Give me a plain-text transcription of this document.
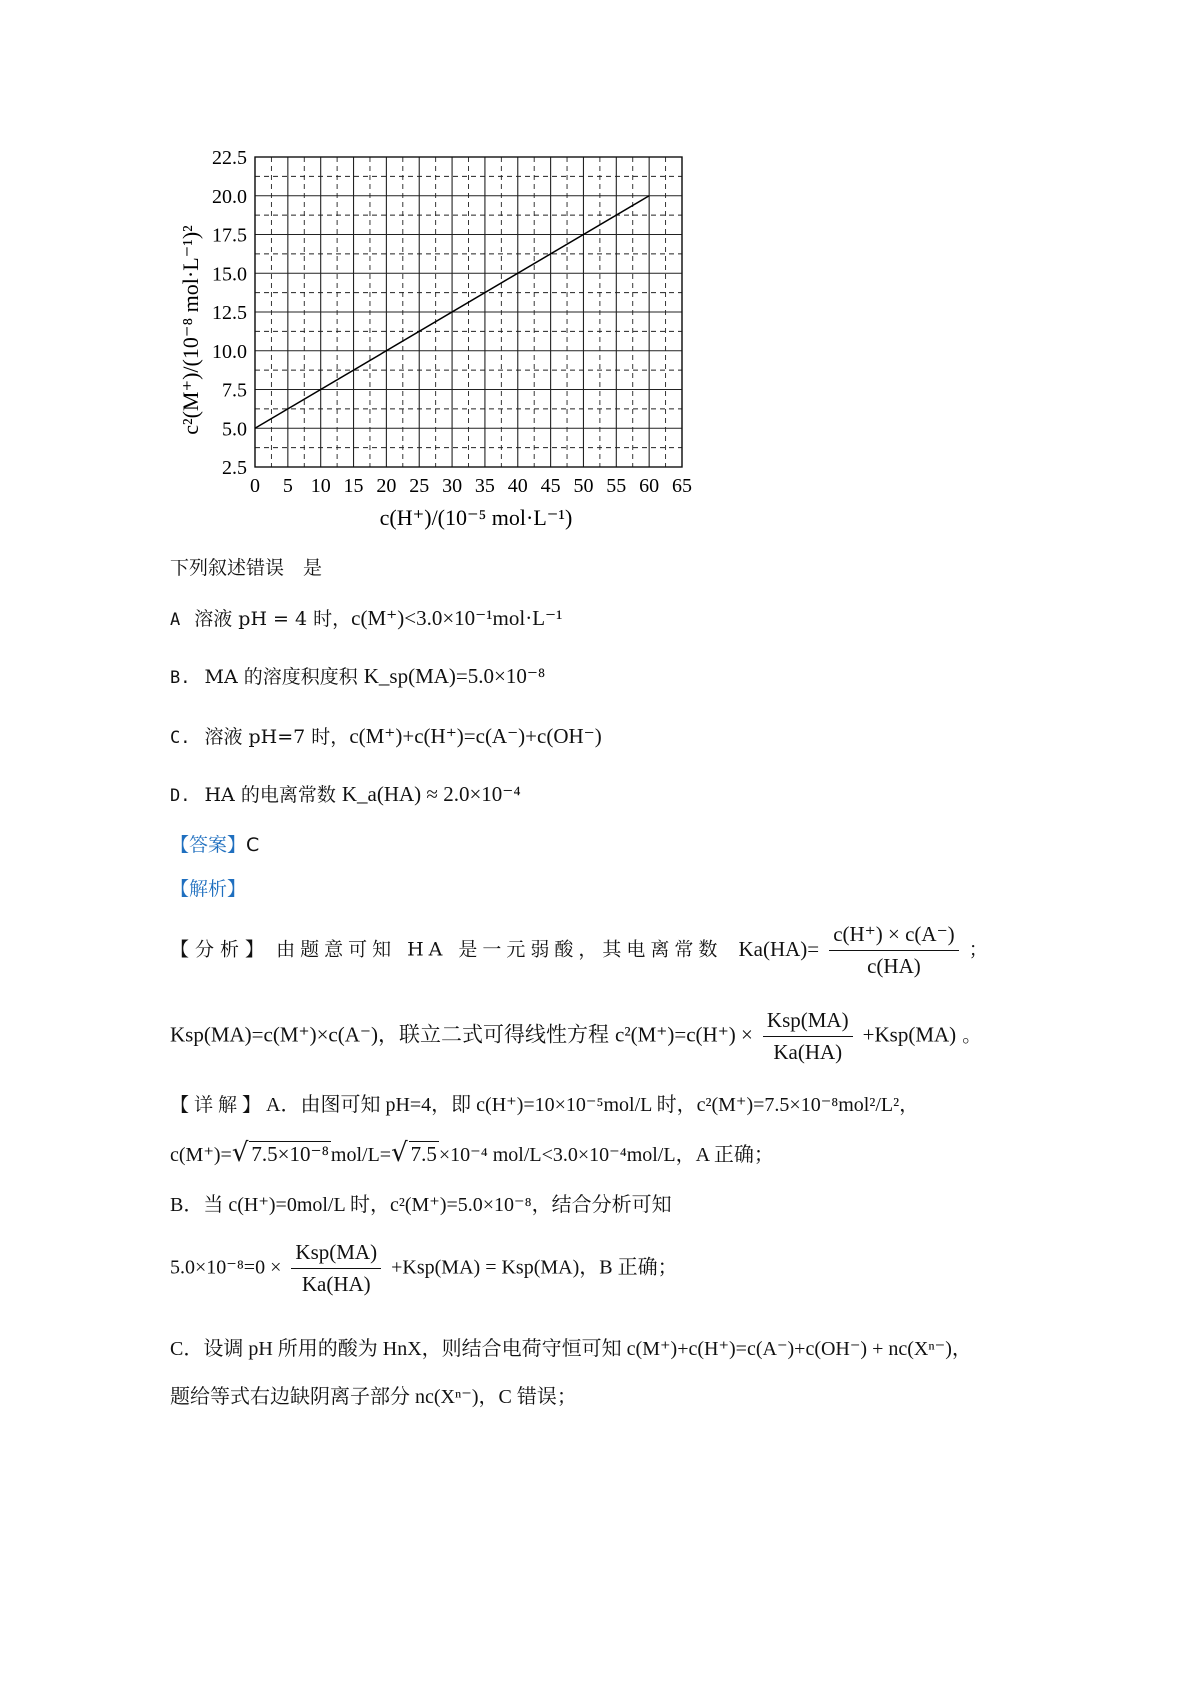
0 5 10 15 20 25 30 35 40 45 50 55 60 65
2.5
5.0
7.5
10.0
12.5
15.0
17.5
20.0
22.5
c²(M⁺)/(10⁻⁸ mol·L⁻¹)²
c(H⁺)/(10⁻⁵ mol·L⁻¹)
下列叙述错误　是
A 溶液 pH = 4 时，c(M⁺)<3.0×10⁻¹mol·L⁻¹
B. MA 的溶度积度积 K_sp(MA)=5.0×10⁻⁸
C. 溶液 pH=7 时，c(M⁺)+c(H⁺)=c(A⁻)+c(OH⁻)
D. HA 的电离常数 K_a(HA) ≈ 2.0×10⁻⁴
【答案】C
【解析】
【分析】 由题意可知 HA 是一元弱酸，其电离常数 $Ka(HA)= \frac{c(H^+) \times c(A^-)}{c(HA)}$ ；
Ksp(MA)=c(M⁺)×c(A⁻)，联立二式可得线性方程 $c^2(M^+)=c(H^+) \times \frac{\text{Ksp(MA)}}{Ka(HA)} +Ksp(MA)$ 。
【详解】A．由图可知 pH=4，即 c(H⁺)=10×10⁻⁵mol/L 时，c²(M⁺)=7.5×10⁻⁸mol²/L²，
c(M⁺)=√ 7.5×10⁻⁸ mol/L=√ 7.5 ×10⁻⁴ mol/L<3.0×10⁻⁴mol/L，A 正确；
B．当 c(H⁺)=0mol/L 时，c²(M⁺)=5.0×10⁻⁸，结合分析可知
$5.0\times 10^{-8}=0 \times \frac{\text{Ksp(MA)}}{Ka(HA)} +Ksp(MA) = Ksp(MA)$，B 正确；
C．设调 pH 所用的酸为 HnX，则结合电荷守恒可知 c(M⁺)+c(H⁺)=c(A⁻)+c(OH⁻) + nc(Xⁿ⁻)，
题给等式右边缺阴离子部分 nc(Xⁿ⁻)，C 错误；
